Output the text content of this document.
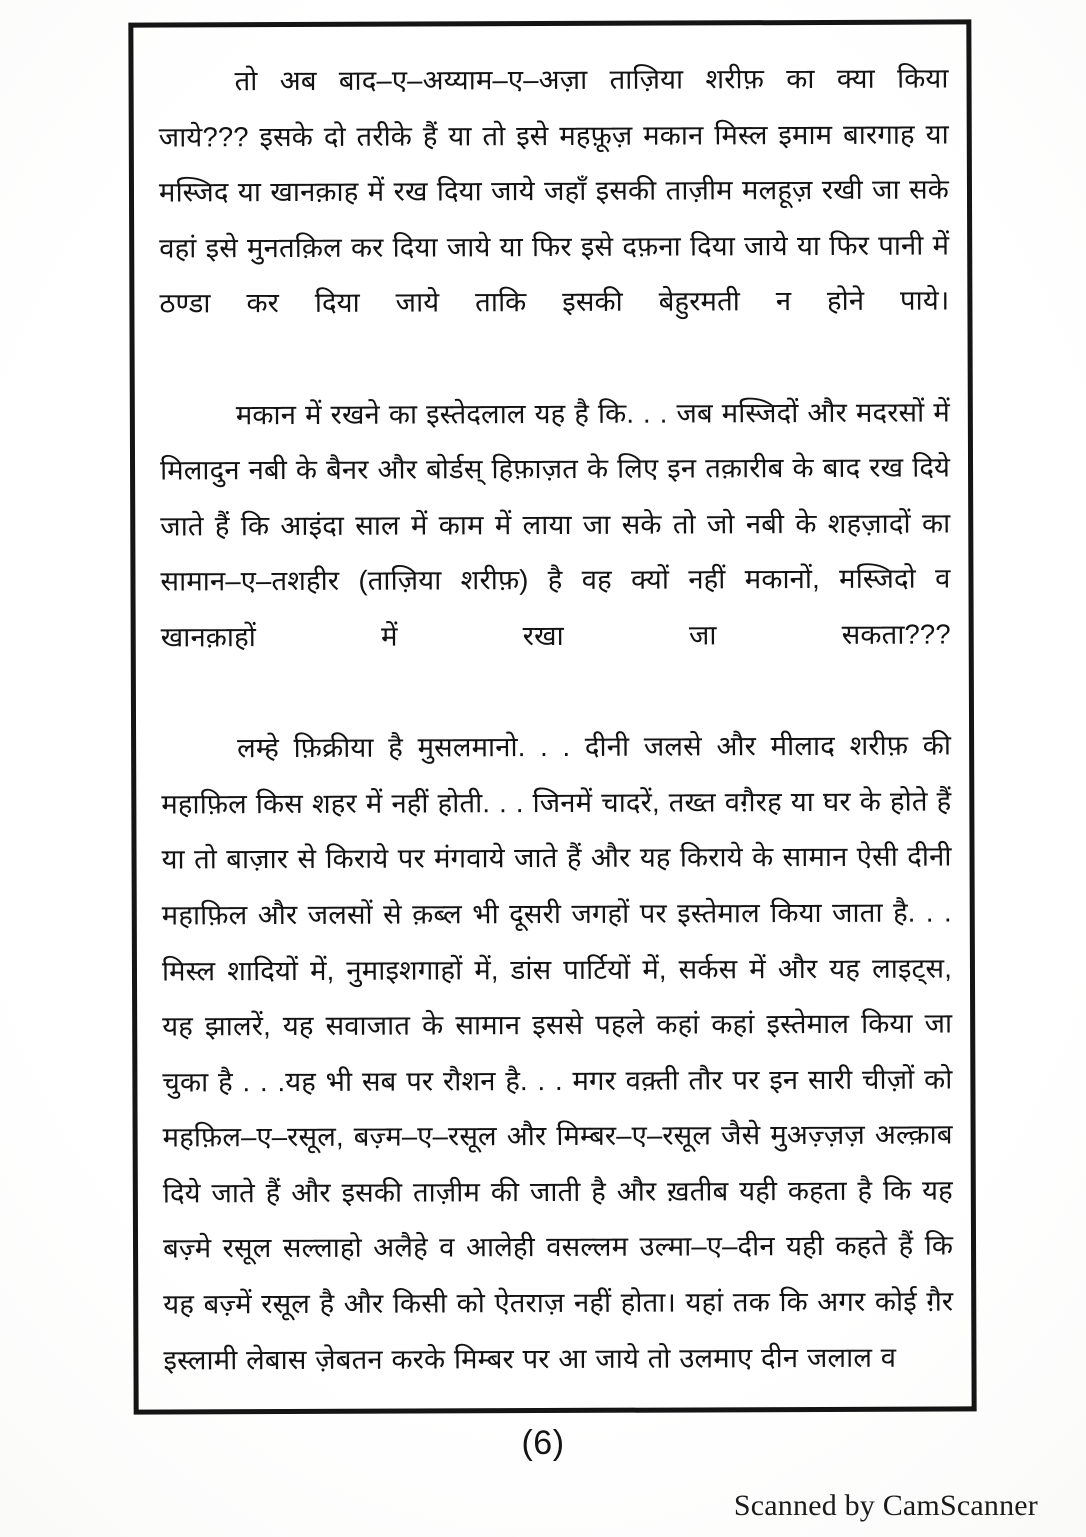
तो अब बाद–ए–अय्याम–ए–अज़ा ताज़िया शरीफ़ का क्या किया जाये??? इसके दो तरीके हैं या तो इसे महफ़ूज़ मकान मिस्ल इमाम बारगाह या मस्जिद या खानक़ाह में रख दिया जाये जहाँ इसकी ताज़ीम मलहूज़ रखी जा सके वहां इसे मुनतक़िल कर दिया जाये या फिर इसे दफ़ना दिया जाये या फिर पानी में ठण्डा कर दिया जाये ताकि इसकी बेहुरमती न होने पाये।

मकान में रखने का इस्तेदलाल यह है कि. . . जब मस्जिदों और मदरसों में मिलादुन नबी के बैनर और बोर्डस् हिफ़ाज़त के लिए इन तक़ारीब के बाद रख दिये जाते हैं कि आइंदा साल में काम में लाया जा सके तो जो नबी के शहज़ादों का सामान–ए–तशहीर (ताज़िया शरीफ़) है वह क्यों नहीं मकानों, मस्जिदो व खानक़ाहों में रखा जा सकता???

लम्हे फ़िक्रीया है मुसलमानो. . . दीनी जलसे और मीलाद शरीफ़ की महाफ़िल किस शहर में नहीं होती. . . जिनमें चादरें, तख्त वग़ैरह या घर के होते हैं या तो बाज़ार से किराये पर मंगवाये जाते हैं और यह किराये के सामान ऐसी दीनी महाफ़िल और जलसों से क़ब्ल भी दूसरी जगहों पर इस्तेमाल किया जाता है. . . मिस्ल शादियों में, नुमाइशगाहों में, डांस पार्टियों में, सर्कस में और यह लाइट्स, यह झालरें, यह सवाजात के सामान इससे पहले कहां कहां इस्तेमाल किया जा चुका है . . .यह भी सब पर रौशन है. . . मगर वक़्ती तौर पर इन सारी चीज़ों को महफ़िल–ए–रसूल, बज़्म–ए–रसूल और मिम्बर–ए–रसूल जैसे मुअज़्ज़ज़ अल्क़ाब दिये जाते हैं और इसकी ताज़ीम की जाती है और ख़तीब यही कहता है कि यह बज़्मे रसूल सल्लाहो अलैहे व आलेही वसल्लम उल्मा–ए–दीन यही कहते हैं कि यह बज़्में रसूल है और किसी को ऐतराज़ नहीं होता। यहां तक कि अगर कोई ग़ैर इस्लामी लेबास ज़ेबतन करके मिम्बर पर आ जाये तो उलमाए दीन जलाल व

(6)
Scanned by CamScanner
